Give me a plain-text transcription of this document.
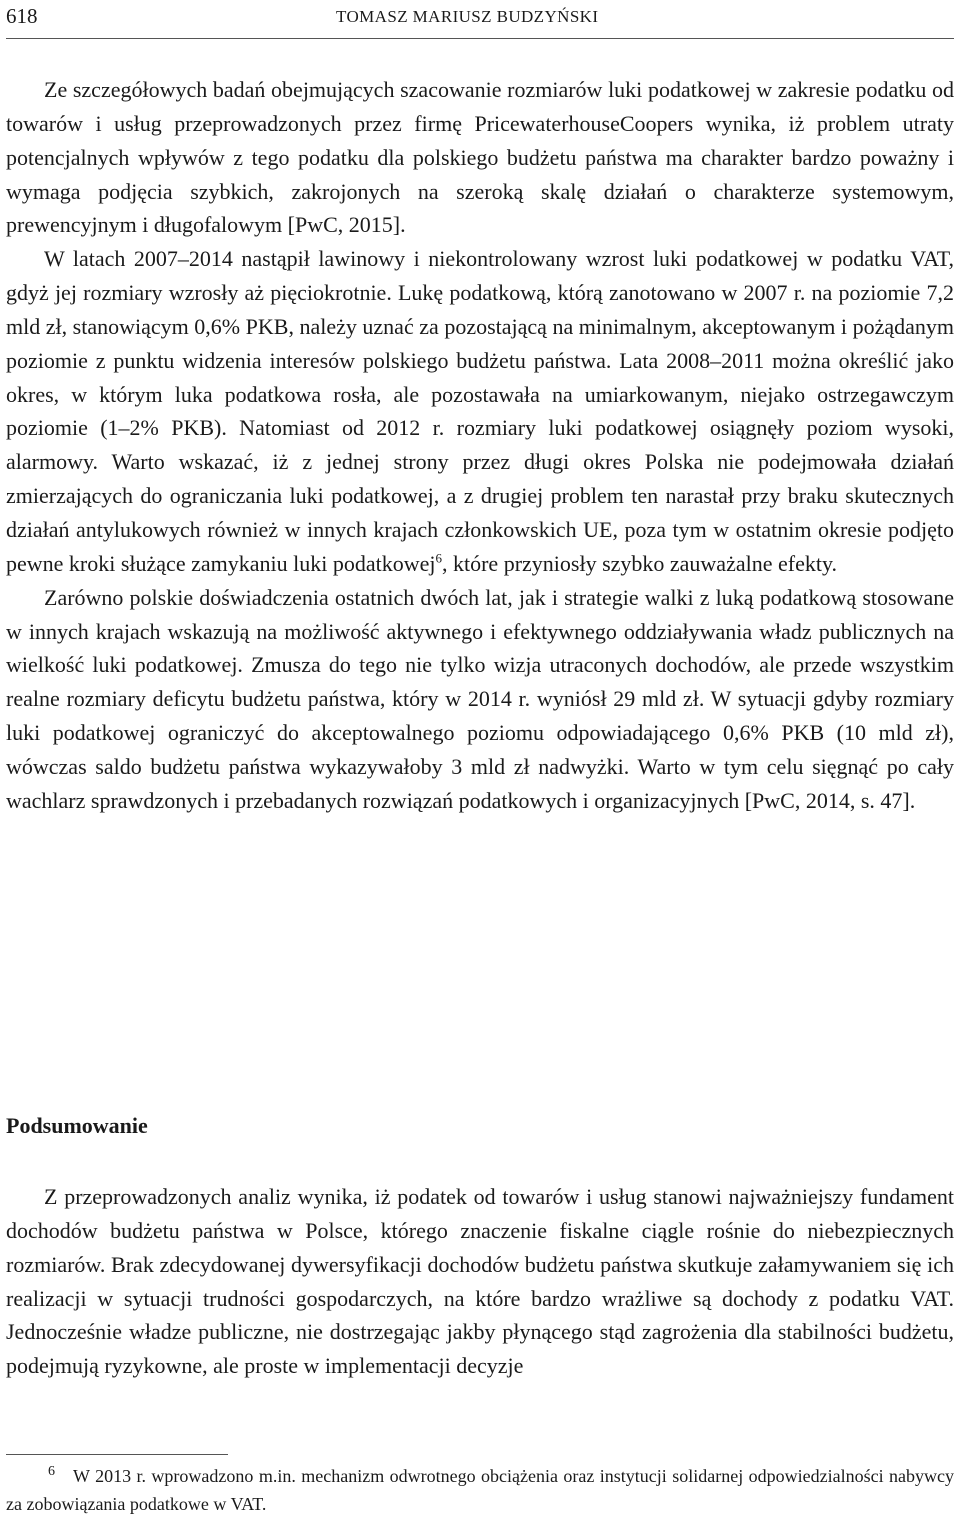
618	TOMASZ MARIUSZ BUDZYŃSKI

Ze szczegółowych badań obejmujących szacowanie rozmiarów luki podatkowej w zakresie podatku od towarów i usług przeprowadzonych przez firmę PricewaterhouseCoopers wynika, iż problem utraty potencjalnych wpływów z tego podatku dla polskiego budżetu państwa ma charakter bardzo poważny i wymaga podjęcia szybkich, zakrojonych na szeroką skalę działań o charakterze systemowym, prewencyjnym i długofalowym [PwC, 2015].

W latach 2007–2014 nastąpił lawinowy i niekontrolowany wzrost luki podatkowej w podatku VAT, gdyż jej rozmiary wzrosły aż pięciokrotnie. Lukę podatkową, którą zanotowano w 2007 r. na poziomie 7,2 mld zł, stanowiącym 0,6% PKB, należy uznać za pozostającą na minimalnym, akceptowanym i pożądanym poziomie z punktu widzenia interesów polskiego budżetu państwa. Lata 2008–2011 można określić jako okres, w którym luka podatkowa rosła, ale pozostawała na umiarkowanym, niejako ostrzegawczym poziomie (1–2% PKB). Natomiast od 2012 r. rozmiary luki podatkowej osiągnęły poziom wysoki, alarmowy. Warto wskazać, iż z jednej strony przez długi okres Polska nie podejmowała działań zmierzających do ograniczania luki podatkowej, a z drugiej problem ten narastał przy braku skutecznych działań antylukowych również w innych krajach członkowskich UE, poza tym w ostatnim okresie podjęto pewne kroki służące zamykaniu luki podatkowej$^6$, które przyniosły szybko zauważalne efekty.

Zarówno polskie doświadczenia ostatnich dwóch lat, jak i strategie walki z luką podatkową stosowane w innych krajach wskazują na możliwość aktywnego i efektywnego oddziaływania władz publicznych na wielkość luki podatkowej. Zmusza do tego nie tylko wizja utraconych dochodów, ale przede wszystkim realne rozmiary deficytu budżetu państwa, który w 2014 r. wyniósł 29 mld zł. W sytuacji gdyby rozmiary luki podatkowej ograniczyć do akceptowalnego poziomu odpowiadającego 0,6% PKB (10 mld zł), wówczas saldo budżetu państwa wykazywałoby 3 mld zł nadwyżki. Warto w tym celu sięgnąć po cały wachlarz sprawdzonych i przebadanych rozwiązań podatkowych i organizacyjnych [PwC, 2014, s. 47].

Podsumowanie

Z przeprowadzonych analiz wynika, iż podatek od towarów i usług stanowi najważniejszy fundament dochodów budżetu państwa w Polsce, którego znaczenie fiskalne ciągle rośnie do niebezpiecznych rozmiarów. Brak zdecydowanej dywersyfikacji dochodów budżetu państwa skutkuje załamywaniem się ich realizacji w sytuacji trudności gospodarczych, na które bardzo wrażliwe są dochody z podatku VAT. Jednocześnie władze publiczne, nie dostrzegając jakby płynącego stąd zagrożenia dla stabilności budżetu, podejmują ryzykowne, ale proste w implementacji decyzje

$^6$ W 2013 r. wprowadzono m.in. mechanizm odwrotnego obciążenia oraz instytucji solidarnej odpowiedzialności nabywcy za zobowiązania podatkowe w VAT.
